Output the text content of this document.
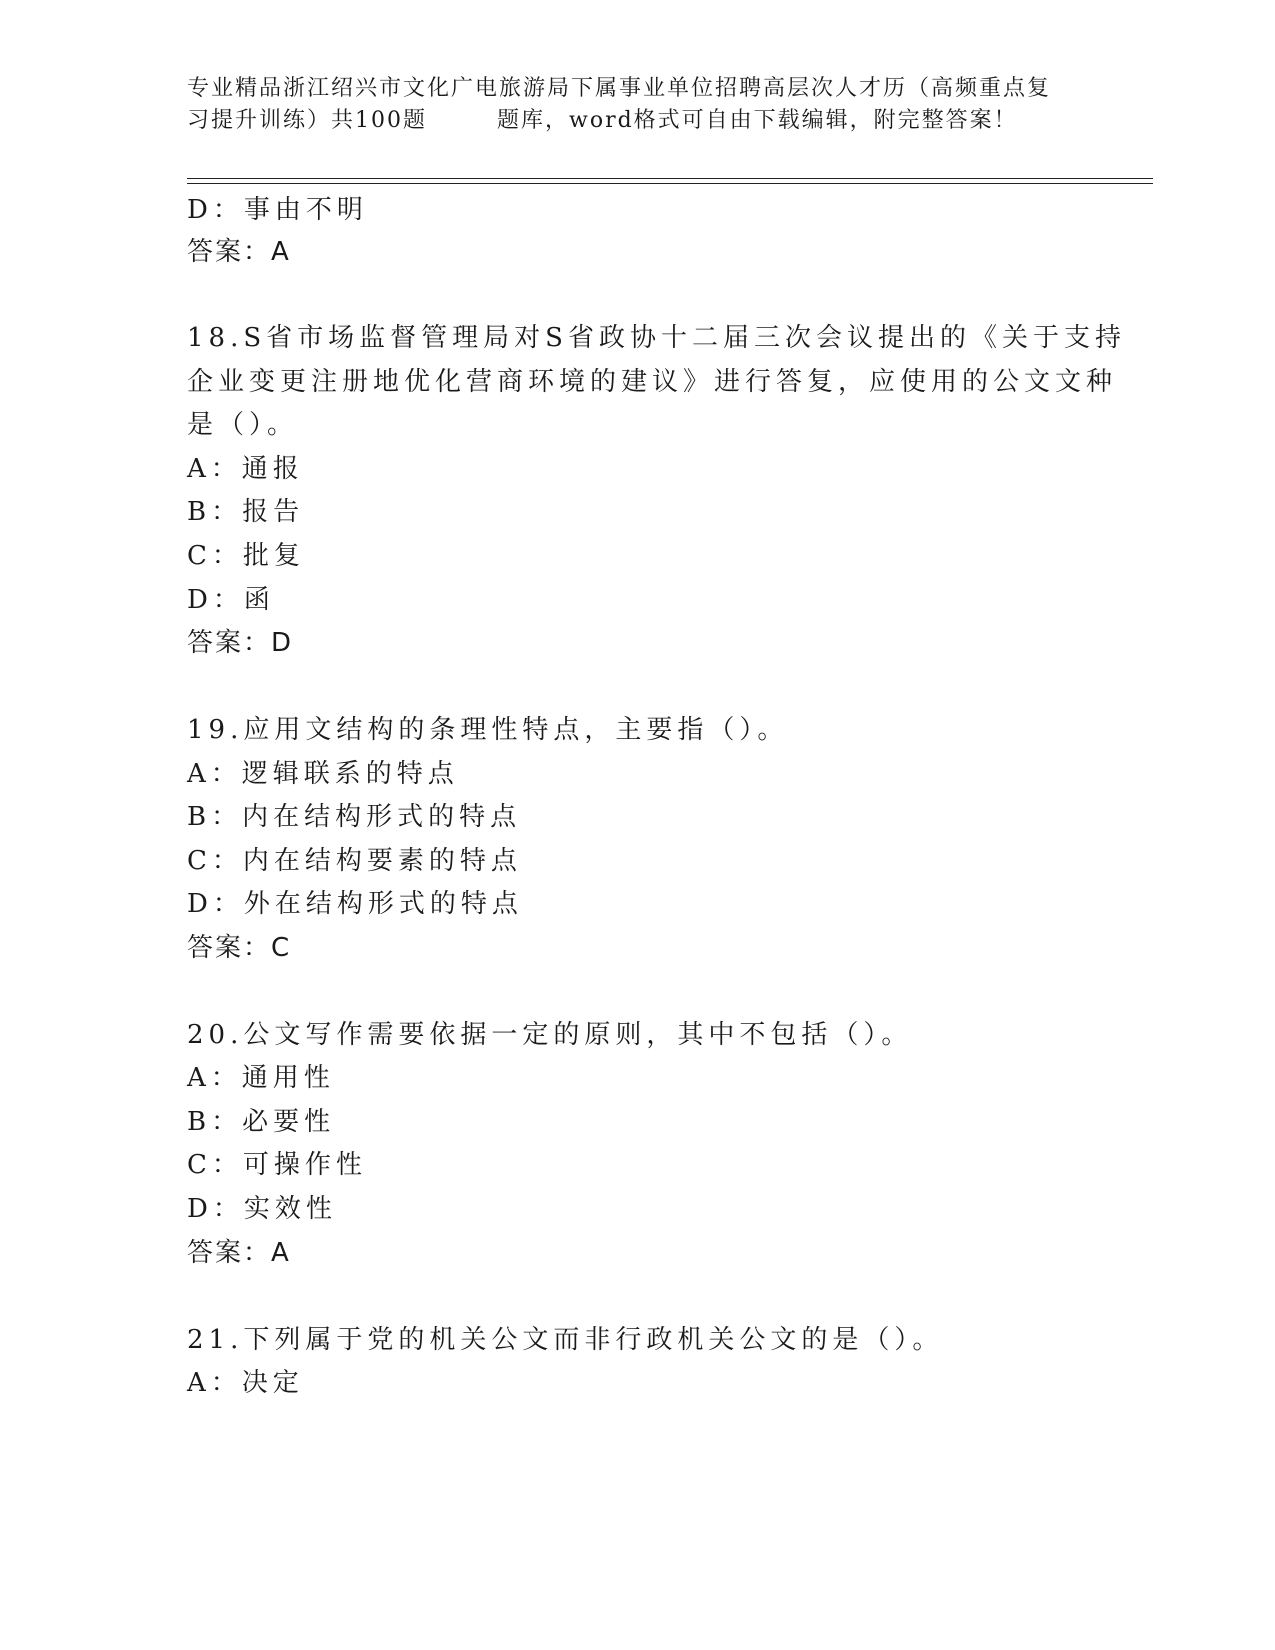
专业精品浙江绍兴市文化广电旅游局下属事业单位招聘高层次人才历（高频重点复
习提升训练）共100题	题库，word格式可自由下载编辑，附完整答案！
D：事由不明
答案：A
18.S省市场监督管理局对S省政协十二届三次会议提出的《关于支持
企业变更注册地优化营商环境的建议》进行答复，应使用的公文文种
是（）。
A：通报
B：报告
C：批复
D：函
答案：D
19.应用文结构的条理性特点，主要指（）。
A：逻辑联系的特点
B：内在结构形式的特点
C：内在结构要素的特点
D：外在结构形式的特点
答案：C
20.公文写作需要依据一定的原则，其中不包括（）。
A：通用性
B：必要性
C：可操作性
D：实效性
答案：A
21.下列属于党的机关公文而非行政机关公文的是（）。
A：决定
